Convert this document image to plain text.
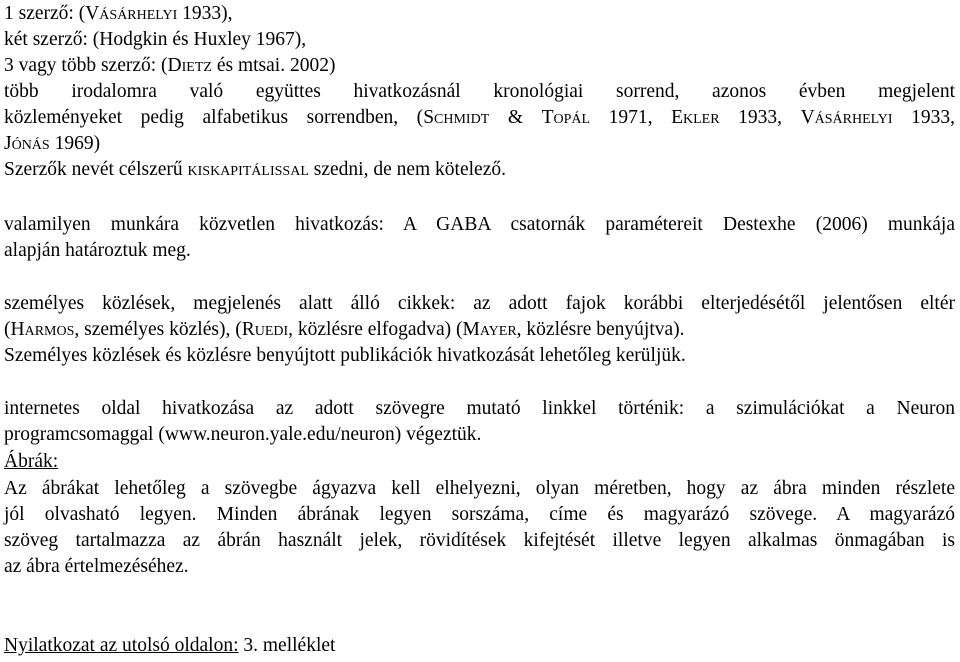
1 szerző: (Vásárhelyi 1933),
két szerző: (Hodgkin és Huxley 1967),
3 vagy több szerző: (Dietz és mtsai. 2002)
több irodalomra való együttes hivatkozásnál kronológiai sorrend, azonos évben megjelent
közleményeket pedig alfabetikus sorrendben, (Schmidt & Topál 1971, Ekler 1933, Vásárhelyi 1933,
Jónás 1969)
Szerzők nevét célszerű kiskapitálissal szedni, de nem kötelező.
valamilyen munkára közvetlen hivatkozás: A GABA csatornák paramétereit Destexhe (2006) munkája
alapján határoztuk meg.
személyes közlések, megjelenés alatt álló cikkek: az adott fajok korábbi elterjedésétől jelentősen eltér
(Harmos, személyes közlés), (Ruedi, közlésre elfogadva) (Mayer, közlésre benyújtva).
Személyes közlések és közlésre benyújtott publikációk hivatkozását lehetőleg kerüljük.
internetes oldal hivatkozása az adott szövegre mutató linkkel történik: a szimulációkat a Neuron
programcsomaggal (www.neuron.yale.edu/neuron) végeztük.
Ábrák:
Az ábrákat lehetőleg a szövegbe ágyazva kell elhelyezni, olyan méretben, hogy az ábra minden részlete
jól olvasható legyen. Minden ábrának legyen sorszáma, címe és magyarázó szövege. A magyarázó
szöveg tartalmazza az ábrán használt jelek, rövidítések kifejtését illetve legyen alkalmas önmagában is
az ábra értelmezéséhez.
Nyilatkozat az utolsó oldalon: 3. melléklet
